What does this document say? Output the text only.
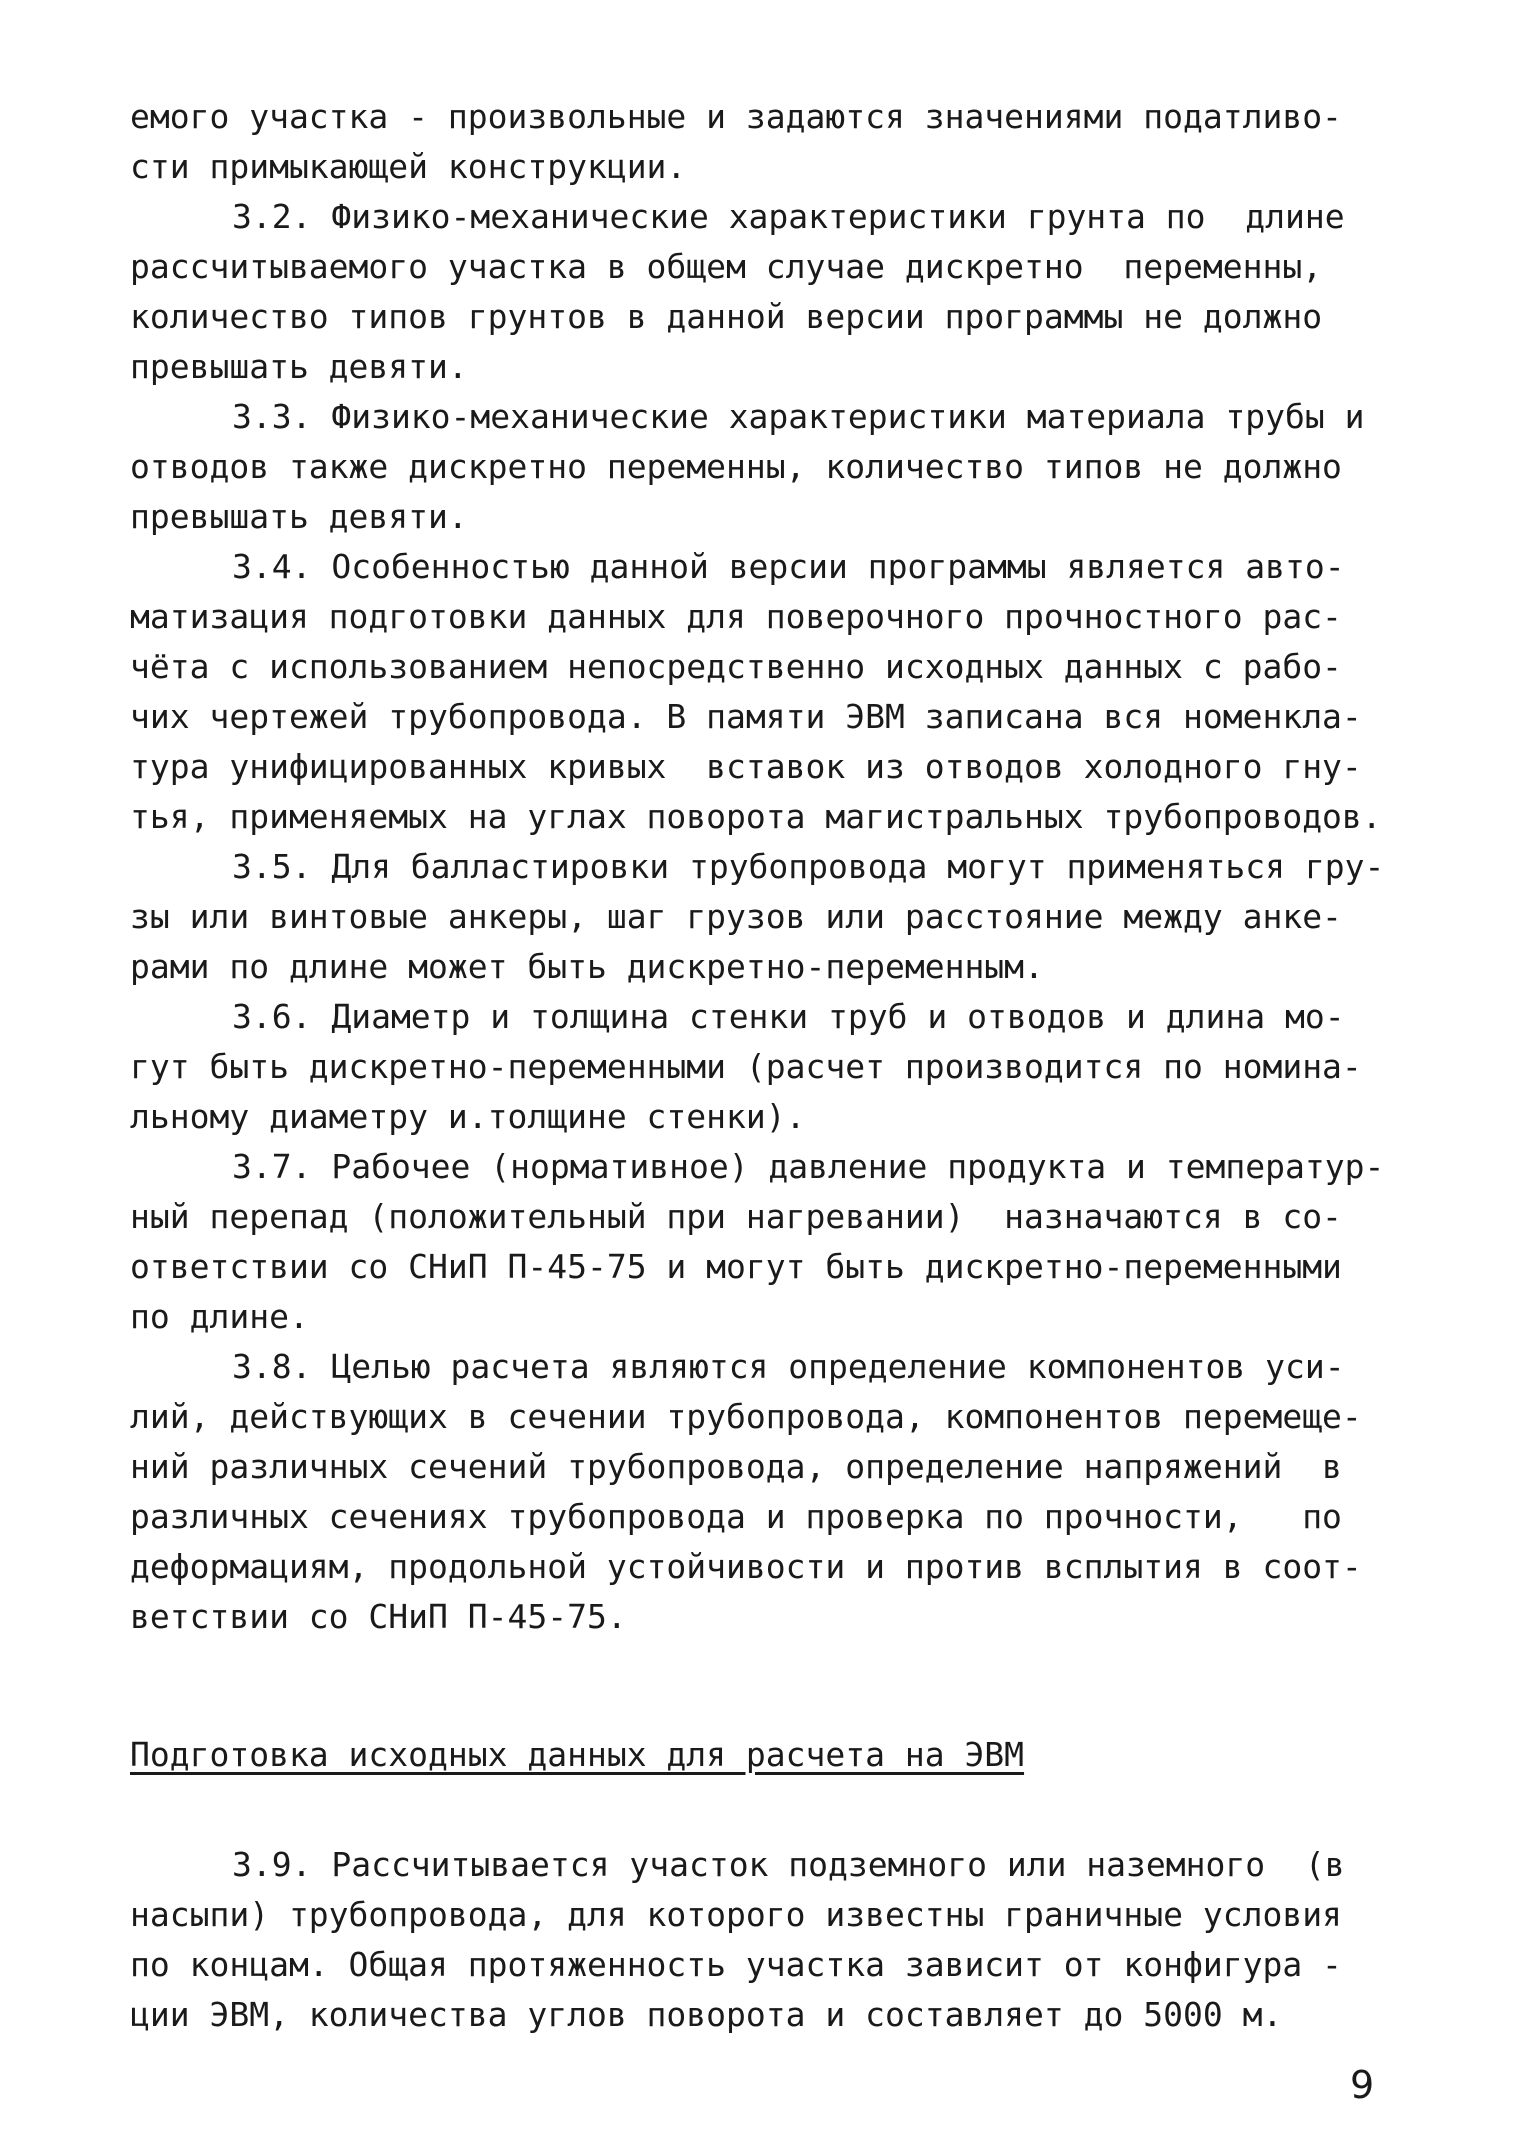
емого участка - произвольные и задаются значениями податливо-
сти примыкающей конструкции.
3.2. Физико-механические характеристики грунта по  длине
рассчитываемого участка в общем случае дискретно  переменны,
количество типов грунтов в данной версии программы не должно
превышать девяти.
3.3. Физико-механические характеристики материала трубы и
отводов также дискретно переменны, количество типов не должно
превышать девяти.
3.4. Особенностью данной версии программы является авто-
матизация подготовки данных для поверочного прочностного рас-
чёта с использованием непосредственно исходных данных с рабо-
чих чертежей трубопровода. В памяти ЭВМ записана вся номенкла-
тура унифицированных кривых  вставок из отводов холодного гну-
тья, применяемых на углах поворота магистральных трубопроводов.
3.5. Для балластировки трубопровода могут применяться гру-
зы или винтовые анкеры, шаг грузов или расстояние между анке-
рами по длине может быть дискретно-переменным.
3.6. Диаметр и толщина стенки труб и отводов и длина мо-
гут быть дискретно-переменными (расчет производится по номина-
льному диаметру и.толщине стенки).
3.7. Рабочее (нормативное) давление продукта и температур-
ный перепад (положительный при нагревании)  назначаются в со-
ответствии со СНиП П-45-75 и могут быть дискретно-переменными
по длине.
3.8. Целью расчета являются определение компонентов уси-
лий, действующих в сечении трубопровода, компонентов перемеще-
ний различных сечений трубопровода, определение напряжений  в
различных сечениях трубопровода и проверка по прочности,   по
деформациям, продольной устойчивости и против всплытия в соот-
ветствии со СНиП П-45-75.
Подготовка исходных данных для расчета на ЭВМ
3.9. Рассчитывается участок подземного или наземного  (в
насыпи) трубопровода, для которого известны граничные условия
по концам. Общая протяженность участка зависит от конфигура -
ции ЭВМ, количества углов поворота и составляет до 5000 м.
9
